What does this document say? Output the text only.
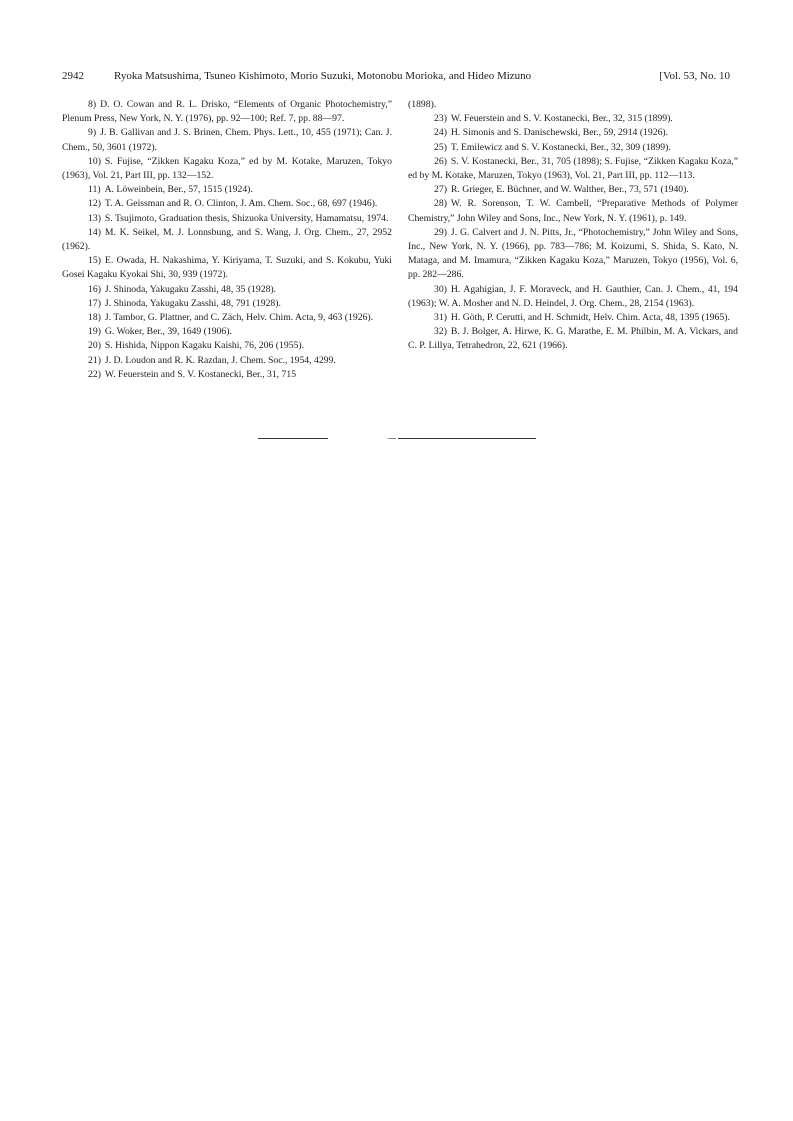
2942	Ryoka Matsushima, Tsuneo Kishimoto, Morio Suzuki, Motonobu Morioka, and Hideo Mizuno	[Vol. 53, No. 10

8) D. O. Cowan and R. L. Drisko, “Elements of Organic Photochemistry,” Plenum Press, New York, N. Y. (1976), pp. 92—100; Ref. 7, pp. 88—97.

9) J. B. Gallivan and J. S. Brinen, Chem. Phys. Lett., 10, 455 (1971); Can. J. Chem., 50, 3601 (1972).

10) S. Fujise, “Zikken Kagaku Koza,” ed by M. Kotake, Maruzen, Tokyo (1963), Vol. 21, Part III, pp. 132—152.

11) A. Löweinbein, Ber., 57, 1515 (1924).

12) T. A. Geissman and R. O. Clinton, J. Am. Chem. Soc., 68, 697 (1946).

13) S. Tsujimoto, Graduation thesis, Shizuoka University, Hamamatsu, 1974.

14) M. K. Seikel, M. J. Lonnsbung, and S. Wang, J. Org. Chem., 27, 2952 (1962).

15) E. Owada, H. Nakashima, Y. Kiriyama, T. Suzuki, and S. Kokubu, Yuki Gosei Kagaku Kyokai Shi, 30, 939 (1972).

16) J. Shinoda, Yakugaku Zasshi, 48, 35 (1928).

17) J. Shinoda, Yakugaku Zasshi, 48, 791 (1928).

18) J. Tambor, G. Plattner, and C. Zäch, Helv. Chim. Acta, 9, 463 (1926).

19) G. Woker, Ber., 39, 1649 (1906).

20) S. Hishida, Nippon Kagaku Kaishi, 76, 206 (1955).

21) J. D. Loudon and R. K. Razdan, J. Chem. Soc., 1954, 4299.

22) W. Feuerstein and S. V. Kostanecki, Ber., 31, 715

(1898).

23) W. Feuerstein and S. V. Kostanecki, Ber., 32, 315 (1899).

24) H. Simonis and S. Danischewski, Ber., 59, 2914 (1926).

25) T. Emilewicz and S. V. Kostanecki, Ber., 32, 309 (1899).

26) S. V. Kostanecki, Ber., 31, 705 (1898); S. Fujise, “Zikken Kagaku Koza,” ed by M. Kotake, Maruzen, Tokyo (1963), Vol. 21, Part III, pp. 112—113.

27) R. Grieger, E. Büchner, and W. Walther, Ber., 73, 571 (1940).

28) W. R. Sorenson, T. W. Cambell, “Preparative Methods of Polymer Chemistry,” John Wiley and Sons, Inc., New York, N. Y. (1961), p. 149.

29) J. G. Calvert and J. N. Pitts, Jr., “Photochemistry,” John Wiley and Sons, Inc., New York, N. Y. (1966), pp. 783—786; M. Koizumi, S. Shida, S. Kato, N. Mataga, and M. Imamura, “Zikken Kagaku Koza,” Maruzen, Tokyo (1956), Vol. 6, pp. 282—286.

30) H. Agahigian, J. F. Moraveck, and H. Gauthier, Can. J. Chem., 41, 194 (1963); W. A. Mosher and N. D. Heindel, J. Org. Chem., 28, 2154 (1963).

31) H. Göth, P. Cerutti, and H. Schmidt, Helv. Chim. Acta, 48, 1395 (1965).

32) B. J. Bolger, A. Hirwe, K. G. Marathe, E. M. Philbin, M. A. Vickars, and C. P. Lillya, Tetrahedron, 22, 621 (1966).
